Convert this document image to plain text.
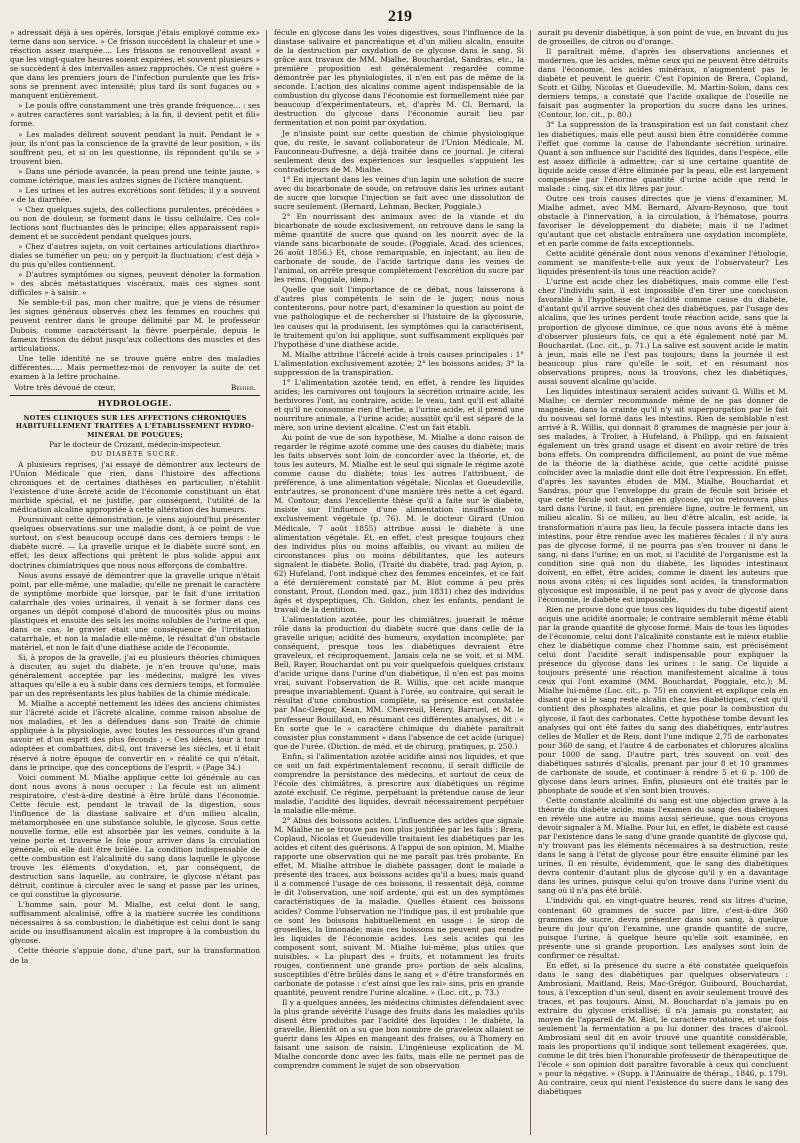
219

» adressait déjà à ses opérés, lorsque j'étais employé comme ex» terne dans son service. » Ce frisson succédent la chaleur et une » réaction assez marquée.... Les frissons se renouvellent avant » que les vingt-quatre heures soient expirées, et souvent plusieurs » se succèdent à des intervalles assez rapprochés. Ce n'est guère » que dans les premiers jours de l'infection purulente que les fris» sons se prennent avec intensité; plus tard ils sont fugaces ou » manquent entièrement.

» Le pouls offre constamment une très grande fréquence... : ses » autres caractères sont variables; à la fin, il devient petit et fili» forme.

» Les malades délirent souvent pendant la nuit. Pendant le » jour, ils n'ont pas la conscience de la gravité de leur position, » ils souffrent peu, et si on les questionne, ils répondent qu'ils se » trouvent bien.

» Dans une période avancée, la peau prend une teinte jaune, » comme ictérique, mais les autres signes de l'ictère manquent.

» Les urines et les autres excrétions sont fétides; il y a souvent » de la diarrhée.

» Chez quelques sujets, des collections purulentes, précédées » ou non de douleur, se forment dans le tissu cellulaire. Ces col» lections sont fluctuantes dès le principe; elles apparaissent rapi» dement et se succèdent pendant quelques jours.

» Chez d'autres sujets, on voit certaines articulations diarthro» diales se tuméfier un peu; on y perçoit la fluctuation; c'est déjà » du pus qu'elles contiennent.

» D'autres symptômes ou signes, peuvent dénoter la formation » des abcès métastatiques viscéraux, mais ces signes sont difficiles » à saisir. »

Ne semble-t-il pas, mon cher maître, que je viens de résumer les signes généraux observés chez les femmes en couches qui peuvent rentrer dans le groupe délimité par M. le professeur Dubois, comme caractérisant la fièvre puerpérale, depuis le fameux frisson du début jusqu'aux collections des muscles et des articulations.

Une telle identité ne se trouve guère entre des maladies différentes..... Mais permettez-moi de renvoyer la suite de cet examen à la lettre prochaine.

Votre très dévoué de cœur,	Béhier.
HYDROLOGIE.
NOTES CLINIQUES SUR LES AFFECTIONS CHRONIQUES HABITUELLEMENT TRAITÉES A L'ÉTABLISSEMENT HYDRO-MINÉRAL DE POUGUES;
Par le docteur de Crozant, médecin-inspecteur.
DU DIABÈTE SUCRÉ.

A plusieurs reprises, j'ai essayé de démontrer aux lecteurs de l'Union Médicale que rien, dans l'histoire des affections chroniques et de certaines diathèses en particulier, n'établit l'existence d'une âcreté acide de l'économie constituant un état morbide spécial, et ne justifie, par conséquent, l'utilité de la médication alcaline appropriée à cette altération des humeurs.

Poursuivant cette démonstration, je viens aujourd'hui présenter quelques observations sur une maladie dont, à ce point de vue surtout, on s'est beaucoup occupé dans ces derniers temps : le diabète sucré. — La gravelle urique et le diabète sucré sont, en effet, les deux affections qui prêtent le plus solide appui aux doctrines chimiatriques que nous nous efforçons de combattre.

Nous avons essayé de démontrer que la gravelle urique n'était point, par elle-même, une maladie; qu'elle ne prenait le caractère de symptôme morbide que lorsque, par le fait d'une irritation catarrhale des voies urinaires, il venait à se former dans ces organes un dépôt composé d'abord de mucosités plus ou moins plastiques et ensuite des sels les moins solubles de l'urine et que, dans ce cas, le gravier était une conséquence de l'irritation catarrhale, et non la maladie elle-même, le résultat d'un obstacle matériel, et non le fait d'une diathèse acide de l'économie.

Si, à propos de la gravelle, j'ai eu plusieurs théories chimiques à discuter, au sujet du diabète, je n'en trouve qu'une, mais généralement acceptée par les médecins, malgré les vives attaques qu'elle a eu à subir dans ces derniers temps, et formulée par un des représentants les plus habiles de la chimie médicale.

M. Mialhe a accepté nettement les idées des anciens chimistes sur l'âcreté acide et l'âcreté alcaline, comme raison absolue de nos maladies, et les a défendues dans son Traité de chimie appliquée à la physiologie, avec toutes les ressources d'un grand savoir et d'un esprit des plus féconds : « Ces idées, tour à tour adoptées et combattues, dit-il, ont traversé les siècles, et il était réservé à notre époque de convertir en » réalité ce qui n'était, dans le principe, que des conceptions de l'esprit. » (Page 34.)

Voici comment M. Mialhe applique cette loi générale au cas dont nous avons à nous occuper : La fécule est un aliment respiratoire, c'est-à-dire destiné à être brûlé dans l'économie. Cette fécule est, pendant le travail de la digestion, sous l'influence de la diastase salivaire et d'un milieu alcalin, métamorphosée en une substance soluble, le glycose. Sous cette nouvelle forme, elle est absorbée par les veines, conduite à la veine porte et traverse le foie pour arriver dans la circulation générale, où elle doit être brûlée. La condition indispensable de cette combustion est l'alcalinité du sang dans laquelle le glycose trouve les éléments d'oxydation, et, par conséquent, de destruction sans laquelle, au contraire, le glycose n'étant pas détruit, continue à circuler avec le sang et passe par les urines, ce qui constitue la glycosurie.

L'homme sain, pour M. Mialhe, est celui dont le sang, suffisamment alcalinisé, offre à la matière sucrée les conditions nécessaires à sa combustion; le diabétique est celui dont le sang acide ou insuffisamment alcalin est impropre à la combustion du glycose.

Cette théorie s'appuie donc, d'une part, sur la transformation de la

fécule en glycose dans les voies digestives, sous l'influence de la diastase salivaire et pancréatique et d'un milieu alcalin, ensuite de la destruction par oxydation de ce glycose dans le sang. Si grâce aux travaux de MM. Mialhe, Bouchardat, Sandras, etc., la première proposition est généralement regardée comme démontrée par les physiologistes, il n'en est pas de même de la seconde. L'action des alcalins comme agent indispensable de la combustion du glycose dans l'économie est formellement niée par beaucoup d'expérimentateurs, et, d'après M. Cl. Bernard, la destruction du glycose dans l'économie aurait lieu par fermentation et non point par oxydation.

Je n'insiste point sur cette question de chimie physiologique que, du reste, le savant collaborateur de l'Union Médicale, M. Fauconneau-Dufresne, a déjà traitée dans ce journal. Je citerai seulement deux des expériences sur lesquelles s'appuient les contradicteurs de M. Mialhe.

1° En injectant dans les veines d'un lapin une solution de sucre avec du bicarbonate de soude, on retrouve dans les urines autant de sucre que lorsque l'injection se fait avec une dissolution de sucre seulement. (Bernard, Lehman, Becker, Poggiale.)

2° En nourrissant des animaux avec de la viande et du bicarbonate de soude exclusivement, on retrouve dans le sang la même quantité de sucre que quand on les nourrit avec de la viande sans bicarbonate de soude. (Poggiale, Acad. des sciences, 26 août 1856.) Et, chose remarquable, en injectant, au lieu de carbonate de soude, de l'acide tartrique dans les veines de l'animal, on arrête presque complètement l'excrétion du sucre par les reins. (Poggiale, idem.)

Quelle que soit l'importance de ce débat, nous laisserons à d'autres plus compétents le soin de le juger; nous nous contenterons, pour notre part, d'examiner la question au point de vue pathologique et de rechercher si l'histoire de la glycosurie, les causes qui la produisent, les symptômes qui la caractérisent, le traitement qu'on lui applique, sont suffisamment expliqués par l'hypothèse d'une diathèse acide.

M. Mialhe attribue l'âcreté acide à trois causes principales : 1° L'alimentation exclusivement azotée; 2° les boissons acides; 3° la suppression de la transpiration.

1° L'alimentation azotée tend, en effet, à rendre les liquides acides; les carnivores ont toujours la sécrétion urinaire acide, les herbivores l'ont, au contraire, acide; le veau, tant qu'il est allaité et qu'il ne consomme rien d'herbe, a l'urine acide, et il prend une nourriture animale, a l'urine acide; aussitôt qu'il est séparé de la mère, son urine devient alcaline. C'est un fait établi.

Au point de vue de son hypothèse, M. Mialhe a donc raison de regarder le régime azoté comme une des causes du diabète; mais les faits observés sont loin de concorder avec la théorie, et, de tous les auteurs, M. Mialhe est le seul qui signale le régime azoté comme cause du diabète; tous les autres l'attribuent, de préférence, à une alimentation végétale; Nicolas et Gueudeville, entr'autres, se prononcent d'une manière très nette à cet égard. M. Contour, dans l'excellente thèse qu'il a faite sur le diabète, insiste sur l'influence d'une alimentation insuffisante ou exclusivement végétale (p. 76). M. le docteur Girard (Union Médicale, 7 août 1855) attribue aussi le diabète à une alimentation végétale. Et, en effet, c'est presque toujours chez des individus plus ou moins affaiblis, ou vivant au milieu de circonstances plus ou moins débilitantes, que les auteurs signalent le diabète. Bollo, (Traité du diabète, trad. pag Ayion, p. 62) Hufeland, l'ont indiqué chez des femmes enceintes, et ce fait a été dernièrement constaté par M. Blot comme à peu près constant, Prout, (London med. gaz., juin 1831) chez des individus âgés et dyspeptiques, Ch. Goldon, chez les enfants, pendant le travail de la dentition.

L'alimentation azotée, pour les chimiâtres, jouerait le même rôle dans la production du diabète sucré que dans celle de la gravelle urique; acidité des humeurs, oxydation incomplète; par conséquent, presque tous les diabétiques devraient être graveleux, et réciproquement. Jamais cela ne se voit, et si MM. Bell, Rayer, Bouchardat ont pu voir quelquefois quelques cristaux d'acide urique dans l'urine d'un diabétique, il n'en est pas moins vrai, suivant l'observation de R. Willis, que cet acide manque presque invariablement. Quant à l'urée, au contraire, qui serait le résultat d'une combustion complète, sa présence est constatée par Mac-Grégor, Kean, MM. Chevreuil, Henry, Barruel, et M. le professeur Bouillaud, en résumant ces différentes analyses, dit : « En sorte que le » caractère chimique du diabète paraîtrait consister plus constamment » dans l'absence de cet acide (urique) que de l'urée. (Diction. de méd. et de chirurg. pratiques, p. 250.)

Enfin, si l'alimentation azotée acidifie ainsi nos liquides, et que ce soit un fait expérimentalement reconnu, il serait difficile de comprendre la persistance des médecins, et surtout de ceux de l'école des chimiâtres, à prescrire aux diabétiques un régime azoté exclusif. Ce régime, perpétuant la prétendue cause de leur maladie, l'acidité des liquides, devrait nécessairement perpétuer la maladie elle-même.

2° Abus des boissons acides. L'influence des acides que signale M. Mialhe ne se trouve pas non plus justifiée par les faits : Brera, Coplaud, Nicolas et Gueudeville traitaient les diabétiques par les acides et citent des guérisons. A l'appui de son opinion, M. Mialhe rapporte une observation qui ne me paraît pas très probante. En effet, M. Mialhe attribue le diabète passager, dont le malade a présenté des traces, aux boissons acides qu'il a bues; mais quand il a commencé l'usage de ces boissons, il ressentait déjà, comme le dit l'observation, une soif ardente, qui est un des symptômes caractéristiques de la maladie. Quelles étaient ces boissons acides? Comme l'observation ne l'indique pas, il est probable que ce sont les boissons habituellement en usage : le sirop de groseilles, la limonade; mais ces boissons ne peuvent pas rendre les liquides de l'économie acides. Les sels acides qui les composent sont, suivant M. Mialhe lui-même, plus utiles que nuisibles. « La plupart des » fruits, et notamment les fruits rouges, contiennent une grande pro» portion de sels alcalins, susceptibles d'être brûlés dans le sang et » d'être transformés en carbonate de potasse : c'est ainsi que les rai» sins, pris en grande quantité, peuvent rendre l'urine alcaline. » (Loc. cit., p. 73.)

Il y a quelques années, les médecins chimistes défendaient avec la plus grande sévérité l'usage des fruits dans les maladies qu'ils disent être produites par l'acidité des liquides : le diabète, la gravelle. Bientôt on a su que bon nombre de graveleux allaient se guérir dans les Alpes en mangeant des fraises, ou à Thomery en faisant une saison de raisin. L'ingénieuse explication de M. Mialhe concorde donc avec les faits, mais elle ne permet pas de comprendre comment le sujet de son observation

aurait pu devenir diabétique, à son point de vue, en buvant du jus de groseilles, de citron ou d'orange.

Il paraîtrait même, d'après les observations anciennes et modernes, que les acides, même ceux qui ne peuvent être détruits dans l'économie, les acides minéraux, n'augmentent pas le diabète et peuvent le guérir. C'est l'opinion de Brera, Copland, Scott et Gilby, Nicolas et Gueudeville. M. Martin-Solon, dans ces derniers temps, a constaté que l'acide oxalique de l'oseille ne faisait pas augmenter la proportion du sucre dans les urines. (Contour, loc. cit., p. 80.)

3° La suppression de la transpiration est un fait constant chez les diabétiques, mais elle peut aussi bien être considérée comme l'effet que comme la cause de l'abondante sécrétion urinaire. Quant à son influence sur l'acidité des liquides, dans l'espèce, elle est assez difficile à admettre; car si une certaine quantité de liquide acide cesse d'être éliminée par la peau, elle est largement compensée par l'énorme quantité d'urine acide que rend le malade : cinq, six et dix litres par jour.

Outre ces trois causes directes que je viens d'examiner, M. Mialhe admet, avec MM. Bernard, Alvaro-Reynoso, que tout obstacle à l'innervation, à la circulation, à l'hématose, pourra favoriser le développement du diabète; mais il ne l'admet qu'autant que cet obstacle entraînera une oxydation incomplète, et en parle comme de faits exceptionnels.

Cette acidité générale dont nous venons d'examiner l'étiologie, comment se manifeste-t-elle aux yeux de l'observateur? Les liquides présentent-ils tous une réaction acide?

L'urine est acide chez les diabétiques, mais comme elle l'est chez l'individu sain, il est impossible d'en tirer une conclusion favorable à l'hypothèse de l'acidité comme cause du diabète, d'autant qu'il arrive souvent chez des diabétiques, par l'usage des alcalins, que les urines perdent toute réaction acide, sans que la proportion de glycose diminue, ce que nous avons été à même d'observer plusieurs fois, ce qui a été également noté par M. Bouchardat. (Loc. cit., p. 71.) La salive est souvent acide le matin à jeun, mais elle ne l'est pas toujours; dans la journée il est beaucoup plus rare qu'elle le soit, et en résumant nos observations propres, nous la trouvons, chez les diabétiques, aussi souvent alcaline qu'acide.

Les liquides intestinaux seraient acides suivant G. Willis et M. Mialhe; ce dernier recommande même de ne pas donner de magnésie, dans la crainte qu'il n'y ait superpurgation par le fait du nouveau sel formé dans les intestins. Rien de semblable n'est arrivé à R. Willis, qui donnait 8 grammes de magnésie par jour à ses malades, à Trolier, à Hufeland, à Philipp, qui en faisaient également un très grand usage et disent en avoir retiré de très bons effets. On comprendra difficilement, au point de vue même de la théorie de la diathèse acide, que cette acidité puisse coïncider avec la maladie dont elle doit être l'expression. En effet, d'après les savantes études de MM. Mialhe, Bouchardat et Sandras, pour que l'enveloppe du grain de fécule soit brisée et que cette fécule soit changée en glycose, qu'on retrouvera plus tard dans l'urine, il faut, en première ligne, outre le ferment, un milieu alcalin. Si ce milieu, au lieu d'être alcalin, est acide, la transformation n'aura pas lieu, la fécule passera intacte dans les intestins, pour être rendue avec les matières fécales : il n'y aura pas de glycose formé, il ne pourra pas s'en trouver ni dans le sang, ni dans l'urine; en un mot, si l'acidité de l'organisme est la condition sine quâ non du diabète, les liquides intestinaux doivent, en effet, être acides, comme le disent les auteurs que nous avons cités; si ces liquides sont acides, la transformation glycosique est impossible, il ne peut pas y avoir de glycose dans l'économie, le diabète est impossible.

Rien ne prouve donc que tous ces liquides du tube digestif aient acquis une acidité anormale; le contraire semblerait même établi par la grande quantité de glycose formé. Mais de tous les liquides de l'économie, celui dont l'alcalinité constante est le mieux établie chez le diabétique comme chez l'homme sain, est précisément celui dont l'acidité serait indispensable pour expliquer la présence du glycose dans les urines : le sang. Ce liquide a toujours présenté une réaction manifestement alcaline à tous ceux qui l'ont examiné (MM. Bouchardat, Poggiale, etc.); M. Mialhe lui-même (Loc. cit., p. 75) en convient et explique cela en disant que si le sang reste alcalin chez les diabétiques, c'est qu'il contient des phosphates alcalins, et que pour la combustion du glycose, il faut des carbonates. Cette hypothèse tombe devant les analyses qui ont été faites du sang des diabétiques, entr'autres celles de Muller et de Reis, dont l'une indique 2,75 de carbonates pour 360 de sang, et l'autre 4 de carbonates et chlorures alcalins pour 1000 de sang. D'autre part, très souvent on voit des diabétiques saturés d'alcalis, prenant par jour 8 et 10 grammes de carbonate de soude, et continuer à rendre 5 et 6 p. 100 de glycose dans leurs urines. Enfin, plusieurs ont été traités par le phosphate de soude et s'en sont bien trouvés.

Cette constante alcalinité du sang est une objection grave à la théorie du diabète acide, mais l'examen du sang des diabétiques en révèle une autre au moins aussi sérieuse, que nous croyons devoir signaler à M. Mialhe. Pour lui, en effet, le diabète est causé par l'existence dans le sang d'une grande quantité de glycose qui, n'y trouvant pas les éléments nécessaires à sa destruction, reste dans le sang à l'état de glycose pour être ensuite éliminé par les urines. Il en résulte, évidemment, que le sang des diabétiques devra contenir d'autant plus de glycose qu'il y en a davantage dans les urines, puisque celui qu'on trouve dans l'urine vient du sang où il n'a pas été brûlé.

L'individu qui, en vingt-quatre heures, rend six litres d'urine, contenant 60 grammes de sucre par litre, c'est-à-dire 360 grammes de sucre, devra présenter dans son sang, à quelque heure du jour qu'on l'examine, une grande quantité de sucre, puisque l'urine, à quelque heure qu'elle soit examinée, en présente une si grande proportion. Les analyses sont loin de confirmer ce résultat.

En effet, si la présence du sucre a été constatée quelquefois dans le sang des diabétiques par quelques observateurs : Ambrosiani, Maitland, Reis, Mac-Grégor, Guibourd, Bouchardat, tous, à l'exception d'un seul, disent en avoir seulement trouvé des traces, et pas toujours. Ainsi, M. Bouchardat n'a jamais pu en extraire du glycose cristallisé; il n'a jamais pu constater, au moyen de l'appareil de M. Biot, le caractère rotatoire, et une fois seulement la fermentation a pu lui donner des traces d'alcool. Ambrosiani seul dit en avoir trouvé une quantité considérable, mais les proportions qu'il indique sont tellement exagérées, que, comme le dit très bien l'honorable professeur de thérapeutique de l'école « son opinion doit paraître favorable à ceux qui concluent » pour la négative. » (Supp. à l'Annuaire de thérap., 1846, p. 179). Au contraire, ceux qui nient l'existence du sucre dans le sang des diabétiques
